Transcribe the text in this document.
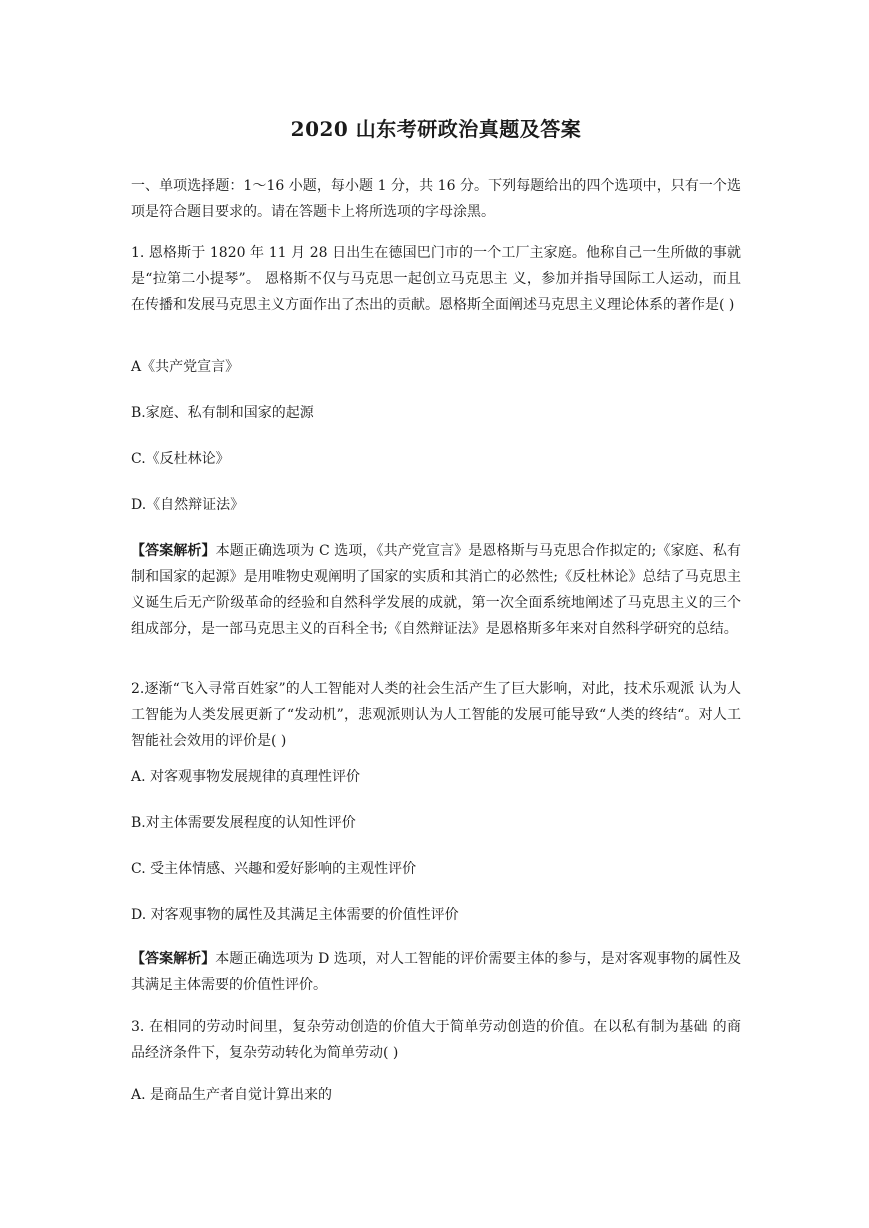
2020 山东考研政治真题及答案
一、单项选择题：1～16 小题，每小题 1 分，共 16 分。下列每题给出的四个选项中，只有一个选项是符合题目要求的。请在答题卡上将所选项的字母涂黑。
1. 恩格斯于 1820 年 11 月 28 日出生在德国巴门市的一个工厂主家庭。他称自己一生所做的事就是“拉第二小提琴”。 恩格斯不仅与马克思一起创立马克思主 义，参加并指导国际工人运动，而且在传播和发展马克思主义方面作出了杰出的贡献。恩格斯全面阐述马克思主义理论体系的著作是( )
A《共产党宣言》
B.家庭、私有制和国家的起源
C.《反杜林论》
D.《自然辩证法》
【答案解析】本题正确选项为 C 选项，《共产党宣言》是恩格斯与马克思合作拟定的;《家庭、私有制和国家的起源》是用唯物史观阐明了国家的实质和其消亡的必然性;《反杜林论》总结了马克思主义诞生后无产阶级革命的经验和自然科学发展的成就，第一次全面系统地阐述了马克思主义的三个组成部分，是一部马克思主义的百科全书;《自然辩证法》是恩格斯多年来对自然科学研究的总结。
2.逐渐“飞入寻常百姓家”的人工智能对人类的社会生活产生了巨大影响，对此，技术乐观派 认为人工智能为人类发展更新了“发动机”，悲观派则认为人工智能的发展可能导致“人类的终结“。对人工智能社会效用的评价是( )
A. 对客观事物发展规律的真理性评价
B.对主体需要发展程度的认知性评价
C. 受主体情感、兴趣和爱好影响的主观性评价
D. 对客观事物的属性及其满足主体需要的价值性评价
【答案解析】本题正确选项为 D 选项，对人工智能的评价需要主体的参与，是对客观事物的属性及其满足主体需要的价值性评价。
3. 在相同的劳动时间里，复杂劳动创造的价值大于简单劳动创造的价值。在以私有制为基础 的商品经济条件下，复杂劳动转化为简单劳动( )
A. 是商品生产者自觉计算出来的
